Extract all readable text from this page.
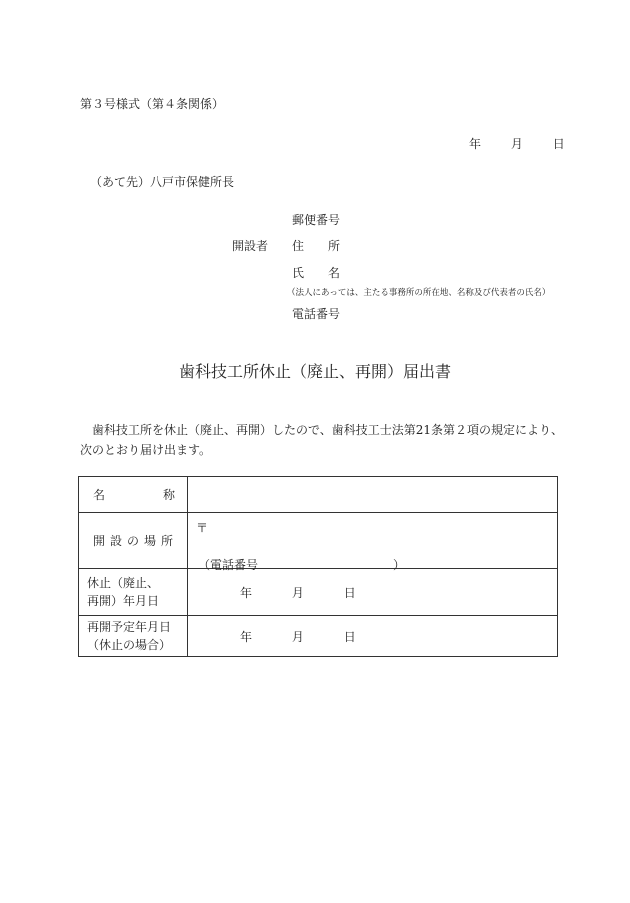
第３号様式（第４条関係）
年 月 日
（あて先）八戸市保健所長
郵便番号
開設者 住　　所
氏　　名
（法人にあっては、主たる事務所の所在地、名称及び代表者の氏名）
電話番号
歯科技工所休止（廃止、再開）届出書
歯科技工所を休止（廃止、再開）したので、歯科技工士法第21条第２項の規定により、
次のとおり届け出ます。
名 称	

開設の場所	〒
（電話番号 ）

休止（廃止、
再開）年月日	年 月 日

再開予定年月日
（休止の場合）	年 月 日
